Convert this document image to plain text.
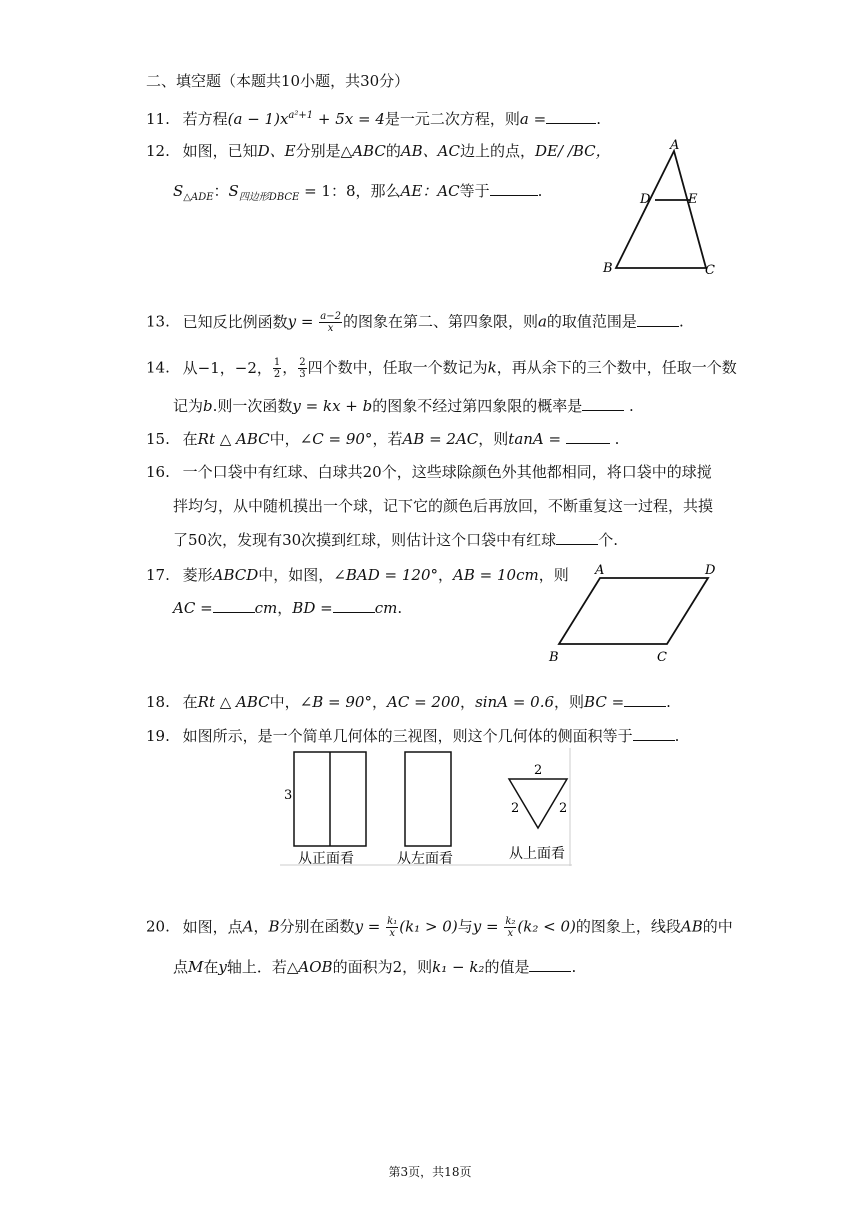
二、填空题（本题共10小题，共30分）
11. 若方程$(a - 1)x^{a^2+1} + 5x = 4$是一元二次方程，则a =	.
12. 如图，已知D、E分别是△ABC的AB、AC边上的点，DE/ /BC，
$S_{\triangle ADE}$：$S_{四边形DBCE} = 1$：8，那么AE：AC等于	.
A
D	E
B	C
13. 已知反比例函数$y = \frac{a-2}{x}$ 的图象在第二、第四象限，则a的取值范围是	.
14. 从−1，−2， $\frac{1}{2}$ ， $\frac{2}{3}$ 四个数中，任取一个数记为k，再从余下的三个数中，任取一个数
记为b.则一次函数y = kx + b的图象不经过第四象限的概率是	.
15. 在Rt △ ABC中，∠C = 90°，若AB = 2AC，则tanA =	.
16. 一个口袋中有红球、白球共20个，这些球除颜色外其他都相同，将口袋中的球搅
拌均匀，从中随机摸出一个球，记下它的颜色后再放回，不断重复这一过程，共摸
了50次，发现有30次摸到红球，则估计这个口袋中有红球	个.
17. 菱形ABCD中，如图，∠BAD = 120°，AB = 10cm，则
AC =	cm，BD =	cm.
A	D
B	C
18. 在Rt △ ABC中，∠B = 90°，AC = 200，sinA = 0.6，则BC =	.
19. 如图所示，是一个简单几何体的三视图，则这个几何体的侧面积等于	.
3
2
2	2
从正面看	从左面看	从上面看
20. 如图，点A，B分别在函数$y = \frac{\text{k₁}}{x} (k_1 > 0)$与$y = \frac{\text{k₂}}{x} (k_2 < 0)$的图象上，线段AB的中
点M在y轴上．若△AOB的面积为2，则k₁ − k₂的值是	.
第3页，共18页
